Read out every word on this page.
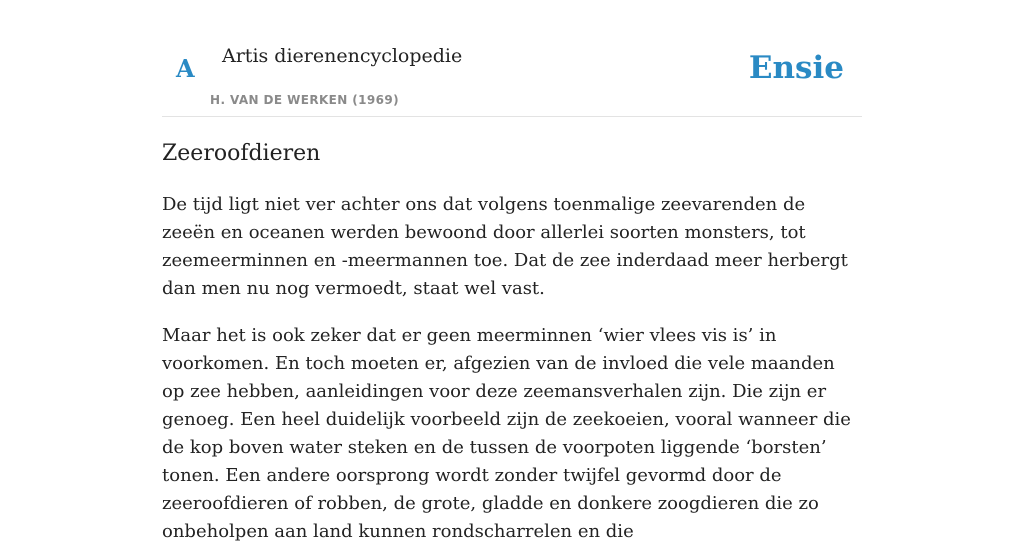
A Artis dierenencyclopedie
H. VAN DE WERKEN (1969)
Ensie
Zeeroofdieren

De tijd ligt niet ver achter ons dat volgens toenmalige zeevarenden de zeeën en oceanen werden bewoond door allerlei soorten monsters, tot zeemeerminnen en -meermannen toe. Dat de zee inderdaad meer herbergt dan men nu nog vermoedt, staat wel vast.

Maar het is ook zeker dat er geen meerminnen ‘wier vlees vis is’ in voorkomen. En toch moeten er, afgezien van de invloed die vele maanden op zee hebben, aanleidingen voor deze zeemansverhalen zijn. Die zijn er genoeg. Een heel duidelijk voorbeeld zijn de zeekoeien, vooral wanneer die de kop boven water steken en de tussen de voorpoten liggende ‘borsten’ tonen. Een andere oorsprong wordt zonder twijfel gevormd door de zeeroofdieren of robben, de grote, gladde en donkere zoogdieren die zo onbeholpen aan land kunnen rondscharrelen en die
